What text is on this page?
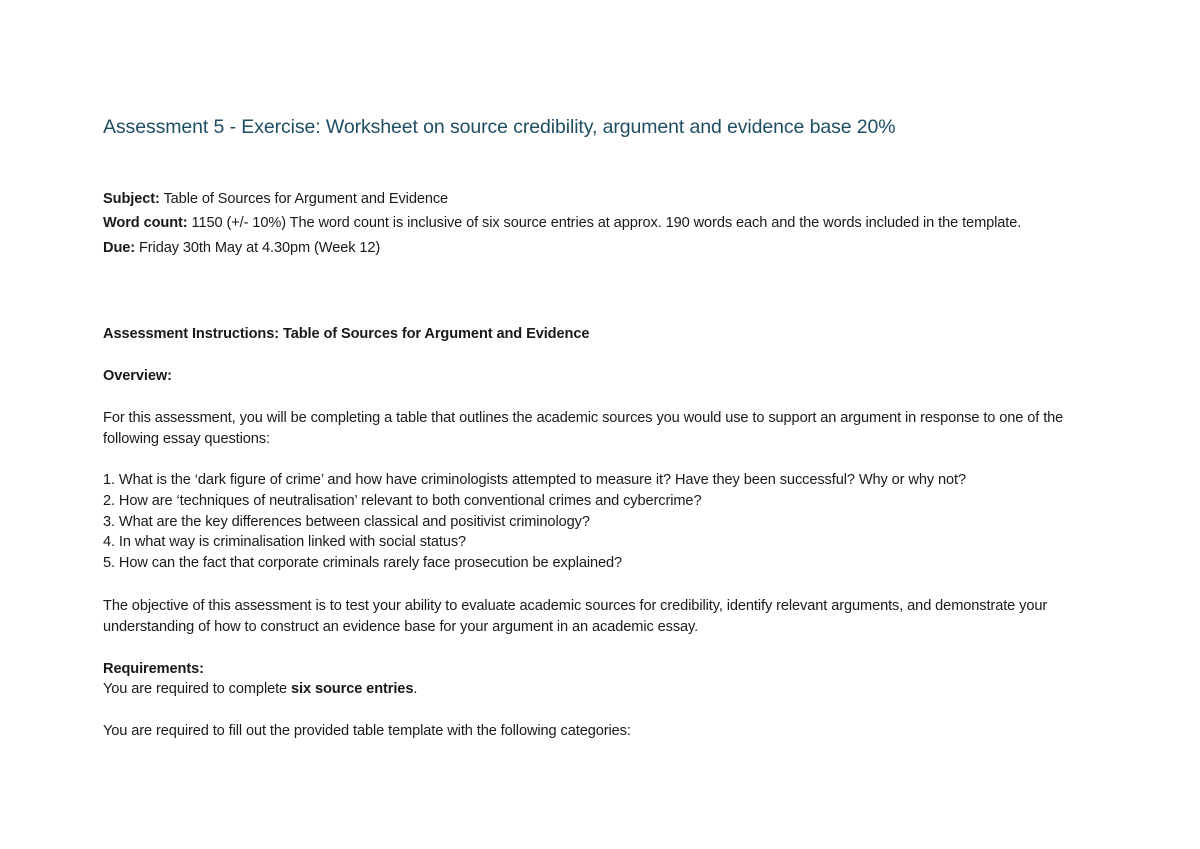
Assessment 5 - Exercise: Worksheet on source credibility, argument and evidence base 20%
Subject: Table of Sources for Argument and Evidence
Word count: 1150 (+/- 10%) The word count is inclusive of six source entries at approx. 190 words each and the words included in the template.
Due: Friday 30th May at 4.30pm (Week 12)
Assessment Instructions: Table of Sources for Argument and Evidence
Overview:
For this assessment, you will be completing a table that outlines the academic sources you would use to support an argument in response to one of the following essay questions:
1. What is the ‘dark figure of crime’ and how have criminologists attempted to measure it? Have they been successful? Why or why not?
2. How are ‘techniques of neutralisation’ relevant to both conventional crimes and cybercrime?
3. What are the key differences between classical and positivist criminology?
4. In what way is criminalisation linked with social status?
5. How can the fact that corporate criminals rarely face prosecution be explained?
The objective of this assessment is to test your ability to evaluate academic sources for credibility, identify relevant arguments, and demonstrate your understanding of how to construct an evidence base for your argument in an academic essay.
Requirements:
You are required to complete six source entries.
You are required to fill out the provided table template with the following categories:
